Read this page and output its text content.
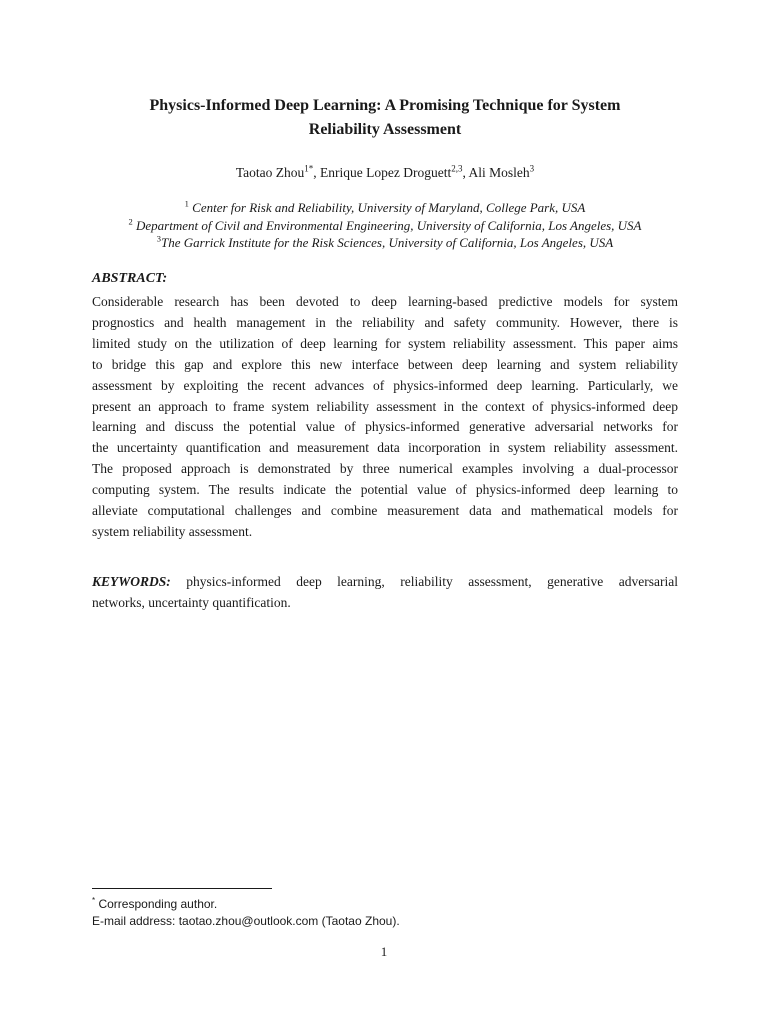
Physics-Informed Deep Learning: A Promising Technique for System
Reliability Assessment
Taotao Zhou$^{1*}$, Enrique Lopez Droguett$^{2,3}$, Ali Mosleh$^3$
$^1$ Center for Risk and Reliability, University of Maryland, College Park, USA
$^2$ Department of Civil and Environmental Engineering, University of California, Los Angeles, USA
$^3$The Garrick Institute for the Risk Sciences, University of California, Los Angeles, USA
ABSTRACT:
Considerable research has been devoted to deep learning-based predictive models for system
prognostics and health management in the reliability and safety community. However, there is
limited study on the utilization of deep learning for system reliability assessment. This paper aims
to bridge this gap and explore this new interface between deep learning and system reliability
assessment by exploiting the recent advances of physics-informed deep learning. Particularly, we
present an approach to frame system reliability assessment in the context of physics-informed deep
learning and discuss the potential value of physics-informed generative adversarial networks for
the uncertainty quantification and measurement data incorporation in system reliability assessment.
The proposed approach is demonstrated by three numerical examples involving a dual-processor
computing system. The results indicate the potential value of physics-informed deep learning to
alleviate computational challenges and combine measurement data and mathematical models for
system reliability assessment.
KEYWORDS: physics-informed deep learning, reliability assessment, generative adversarial
networks, uncertainty quantification.
* Corresponding author.
E-mail address: taotao.zhou@outlook.com (Taotao Zhou).
1
